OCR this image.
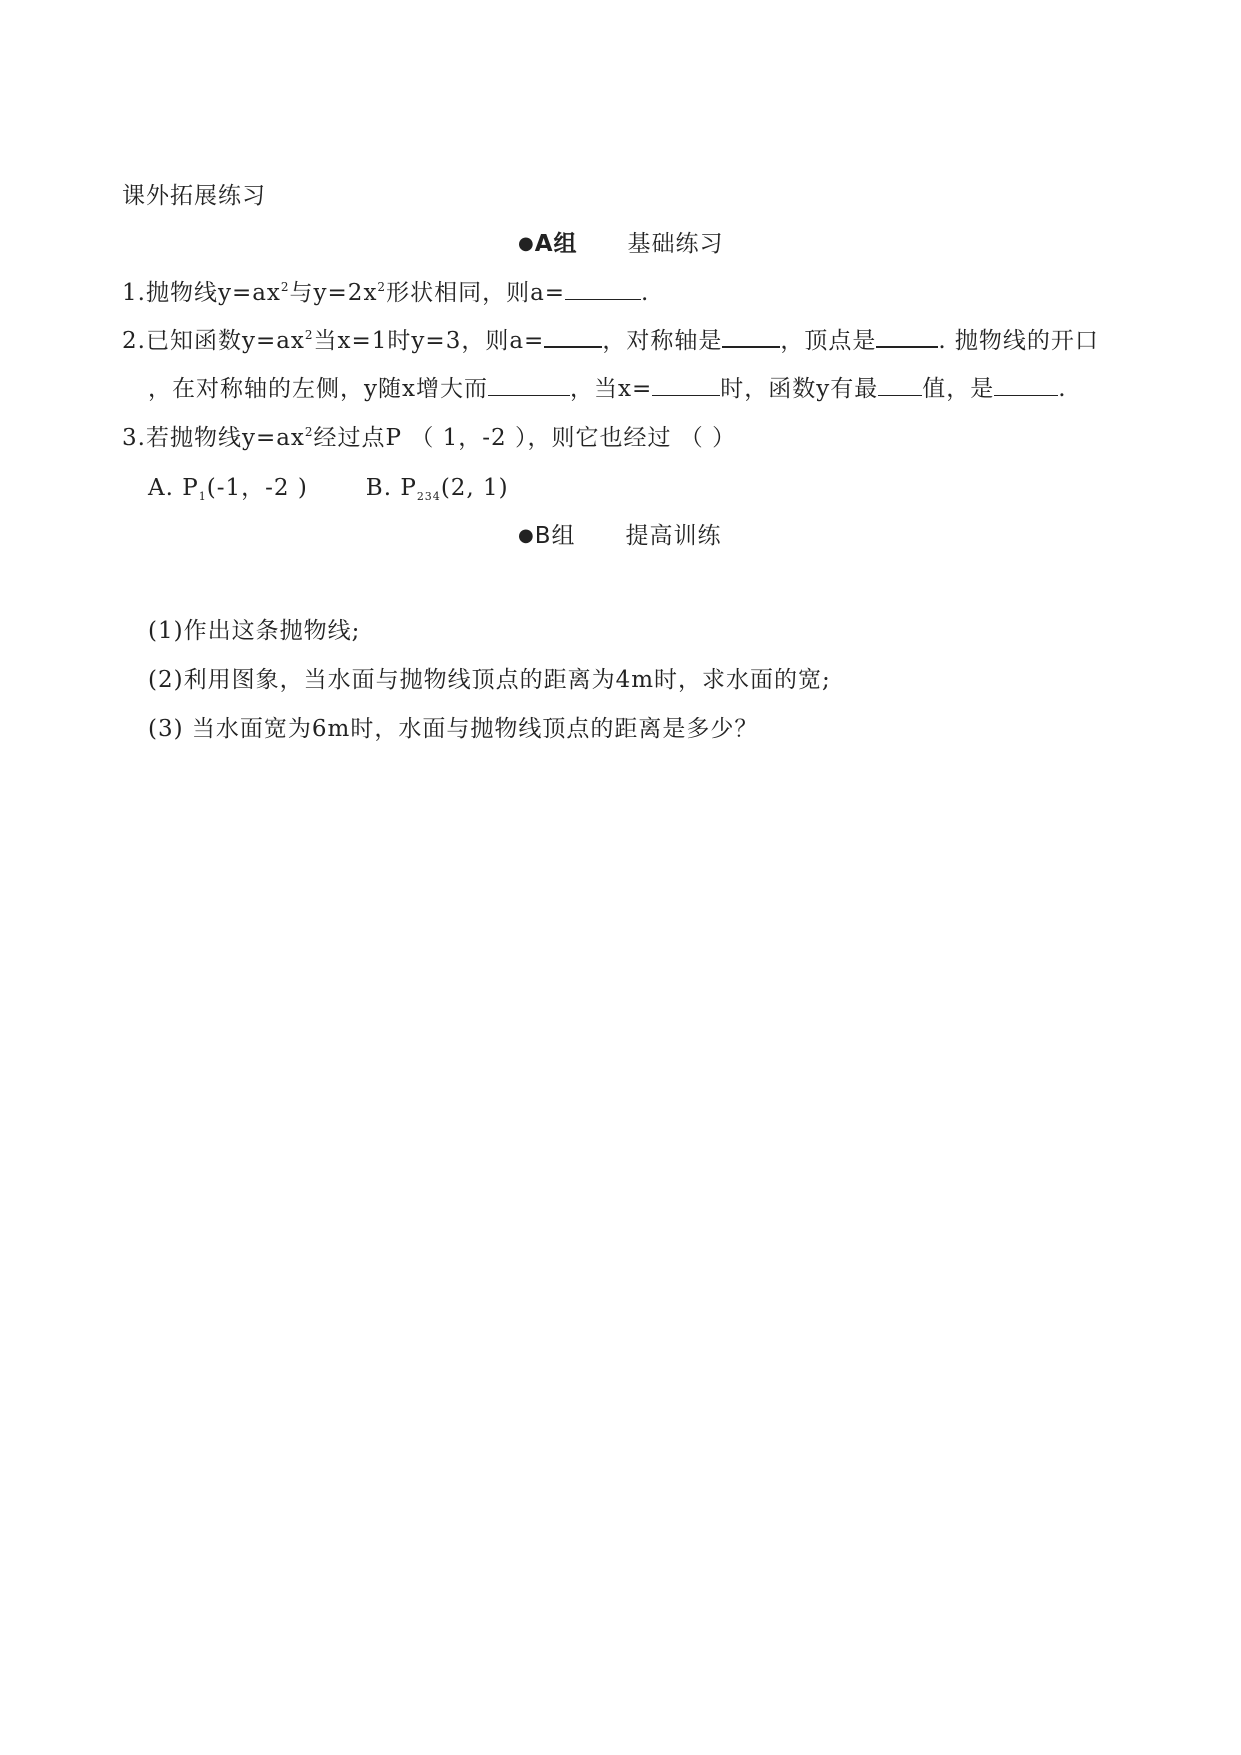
课外拓展练习
●A组 基础练习
1.抛物线$y=ax^2$与$y=2x^2$形状相同，则a=	.
2.已知函数$y=ax^2$当x=1时y=3，则a=	，对称轴是	，顶点是	. 抛物线的开口
，在对称轴的左侧，y随x增大而	，当x=	时，函数y有最 值，是	.
3.若抛物线$y=ax^2$经过点P （ 1，-2 ），则它也经过 （ ）
A. $P_1(-1$，-2 )	B. $P_{234}(2$, 1)
●B组 提高训练
(1)作出这条抛物线;
(2)利用图象，当水面与抛物线顶点的距离为4m时，求水面的宽;
(3) 当水面宽为6m时，水面与抛物线顶点的距离是多少？
